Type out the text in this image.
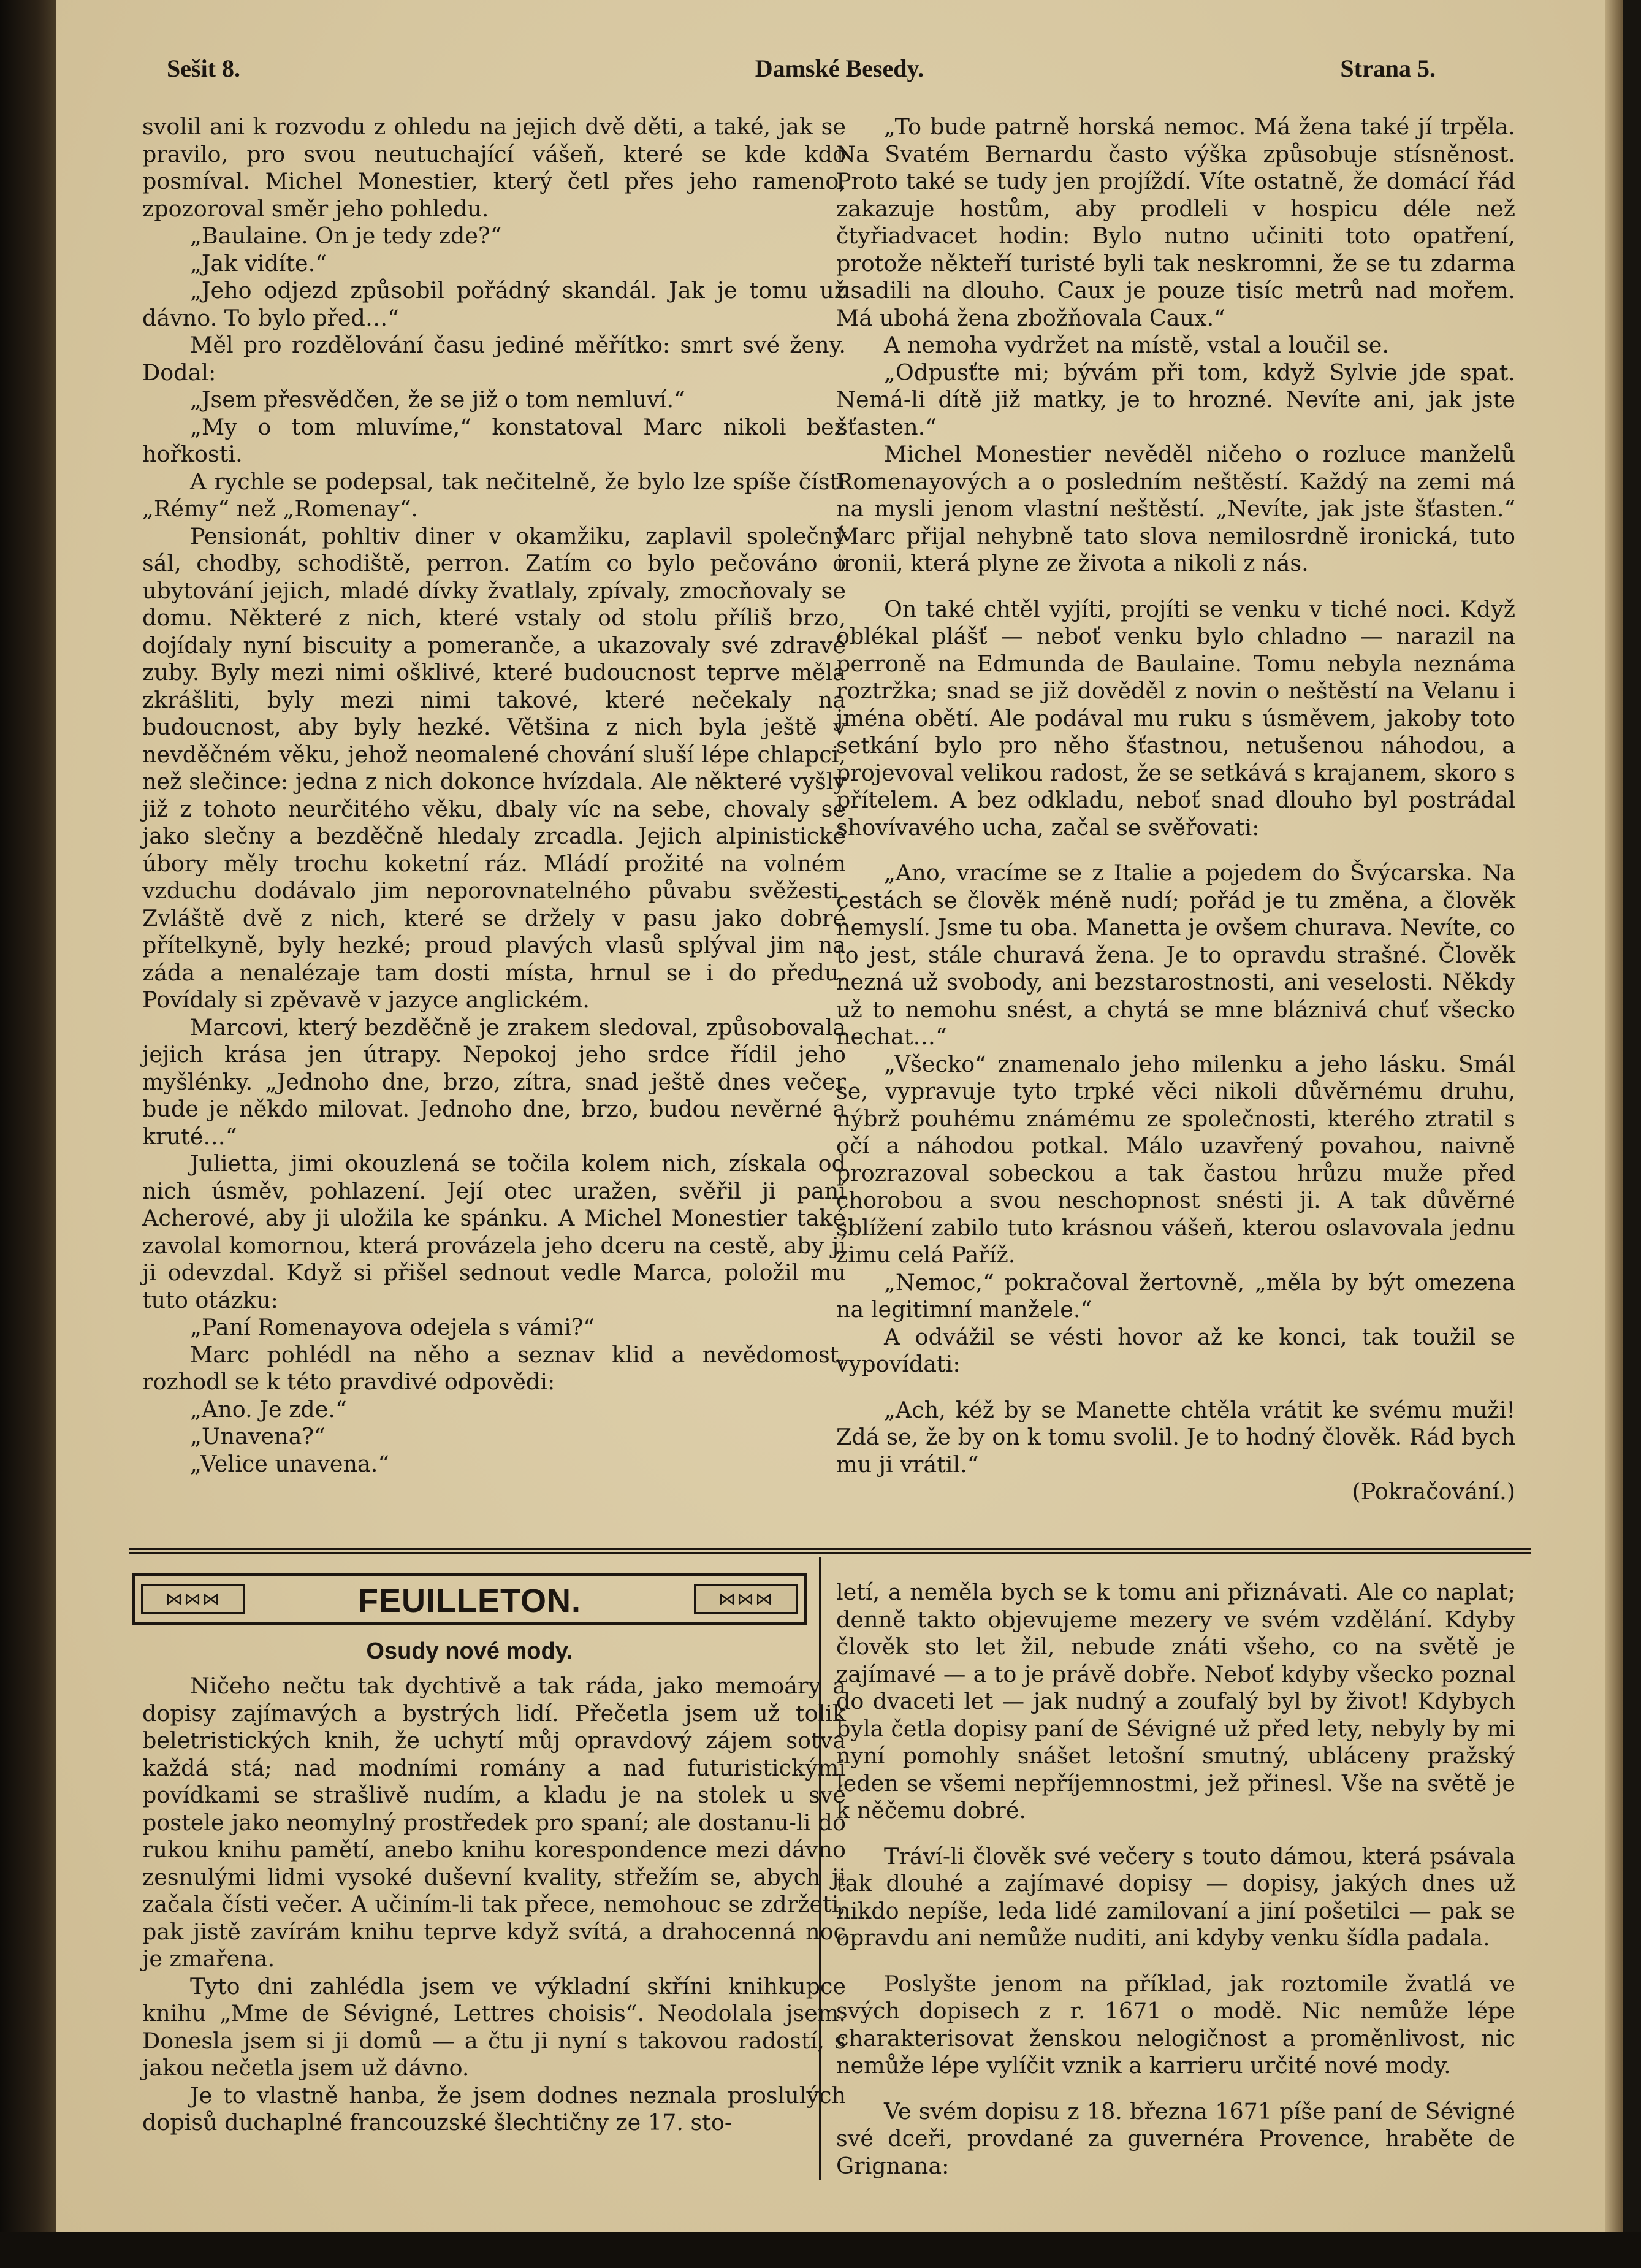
Sešit 8.	Damské Besedy.	Strana 5.

svolil ani k rozvodu z ohledu na jejich dvě děti, a také, jak se pravilo, pro svou neutuchající vášeň, které se kde kdo posmíval. Michel Monestier, který četl přes jeho rameno, zpozoroval směr jeho pohledu.

„Baulaine. On je tedy zde?“

„Jak vidíte.“

„Jeho odjezd způsobil pořádný skandál. Jak je tomu už dávno. To bylo před…“

Měl pro rozdělování času jediné měřítko: smrt své ženy. Dodal:

„Jsem přesvědčen, že se již o tom nemluví.“

„My o tom mluvíme,“ konstatoval Marc nikoli bez hořkosti.

A rychle se podepsal, tak nečitelně, že bylo lze spíše čísti „Rémy“ než „Romenay“.

Pensionát, pohltiv diner v okamžiku, zaplavil společný sál, chodby, schodiště, perron. Zatím co bylo pečováno o ubytování jejich, mladé dívky žvatlaly, zpívaly, zmocňovaly se domu. Některé z nich, které vstaly od stolu příliš brzo, dojídaly nyní biscuity a pomeranče, a ukazovaly své zdravé zuby. Byly mezi nimi ošklivé, které budoucnost teprve měla zkrášliti, byly mezi nimi takové, které nečekaly na budoucnost, aby byly hezké. Většina z nich byla ještě v nevděčném věku, jehož neomalené chování sluší lépe chlapci, než slečince: jedna z nich dokonce hvízdala. Ale některé vyšly již z tohoto neurčitého věku, dbaly víc na sebe, chovaly se jako slečny a bezděčně hledaly zrcadla. Jejich alpinistické úbory měly trochu koketní ráz. Mládí prožité na volném vzduchu dodávalo jim neporovnatelného půvabu svěžesti. Zvláště dvě z nich, které se držely v pasu jako dobré přítelkyně, byly hezké; proud plavých vlasů splýval jim na záda a nenalézaje tam dosti místa, hrnul se i do předu. Povídaly si zpěvavě v jazyce anglickém.

Marcovi, který bezděčně je zrakem sledoval, způsobovala jejich krása jen útrapy. Nepokoj jeho srdce řídil jeho myšlénky. „Jednoho dne, brzo, zítra, snad ještě dnes večer bude je někdo milovat. Jednoho dne, brzo, budou nevěrné a kruté…“

Julietta, jimi okouzlená se točila kolem nich, získala od nich úsměv, pohlazení. Její otec uražen, svěřil ji paní Acherové, aby ji uložila ke spánku. A Michel Monestier také zavolal komornou, která provázela jeho dceru na cestě, aby jí ji odevzdal. Když si přišel sednout vedle Marca, položil mu tuto otázku:

„Paní Romenayova odejela s vámi?“

Marc pohlédl na něho a seznav klid a nevědomost, rozhodl se k této pravdivé odpovědi:

„Ano. Je zde.“

„Unavena?“

„Velice unavena.“

„To bude patrně horská nemoc. Má žena také jí trpěla. Na Svatém Bernardu často výška způsobuje stísněnost. Proto také se tudy jen projíždí. Víte ostatně, že domácí řád zakazuje hostům, aby prodleli v hospicu déle než čtyřiadvacet hodin: Bylo nutno učiniti toto opatření, protože někteří turisté byli tak neskromni, že se tu zdarma usadili na dlouho. Caux je pouze tisíc metrů nad mořem. Má ubohá žena zbožňovala Caux.“

A nemoha vydržet na místě, vstal a loučil se.

„Odpusťte mi; bývám při tom, když Sylvie jde spat. Nemá-li dítě již matky, je to hrozné. Nevíte ani, jak jste šťasten.“

Michel Monestier nevěděl ničeho o rozluce manželů Romenayových a o posledním neštěstí. Každý na zemi má na mysli jenom vlastní neštěstí. „Nevíte, jak jste šťasten.“ Marc přijal nehybně tato slova nemilosrdně ironická, tuto ironii, která plyne ze života a nikoli z nás.

On také chtěl vyjíti, projíti se venku v tiché noci. Když oblékal plášť — neboť venku bylo chladno — narazil na perroně na Edmunda de Baulaine. Tomu nebyla neznáma roztržka; snad se již dověděl z novin o neštěstí na Velanu i jména obětí. Ale podával mu ruku s úsměvem, jakoby toto setkání bylo pro něho šťastnou, netušenou náhodou, a projevoval velikou radost, že se setkává s krajanem, skoro s přítelem. A bez odkladu, neboť snad dlouho byl postrádal shovívavého ucha, začal se svěřovati:

„Ano, vracíme se z Italie a pojedem do Švýcarska. Na cestách se člověk méně nudí; pořád je tu změna, a člověk nemyslí. Jsme tu oba. Manetta je ovšem churava. Nevíte, co to jest, stále churavá žena. Je to opravdu strašné. Člověk nezná už svobody, ani bezstarostnosti, ani veselosti. Někdy už to nemohu snést, a chytá se mne bláznivá chuť všecko nechat…“

„Všecko“ znamenalo jeho milenku a jeho lásku. Smál se, vypravuje tyto trpké věci nikoli důvěrnému druhu, nýbrž pouhému známému ze společnosti, kterého ztratil s očí a náhodou potkal. Málo uzavřený povahou, naivně prozrazoval sobeckou a tak častou hrůzu muže před chorobou a svou neschopnost snésti ji. A tak důvěrné sblížení zabilo tuto krásnou vášeň, kterou oslavovala jednu zimu celá Paříž.

„Nemoc,“ pokračoval žertovně, „měla by být omezena na legitimní manžele.“

A odvážil se vésti hovor až ke konci, tak toužil se vypovídati:

„Ach, kéž by se Manette chtěla vrátit ke svému muži! Zdá se, že by on k tomu svolil. Je to hodný člověk. Rád bych mu ji vrátil.“

(Pokračování.)
⋈⋈⋈	FEUILLETON.	⋈⋈⋈
Osudy nové mody.

Ničeho nečtu tak dychtivě a tak ráda, jako memoáry a dopisy zajímavých a bystrých lidí. Přečetla jsem už tolik beletristických knih, že uchytí můj opravdový zájem sotva každá stá; nad modními romány a nad futuristickými povídkami se strašlivě nudím, a kladu je na stolek u své postele jako neomylný prostředek pro spaní; ale dostanu-li do rukou knihu pamětí, anebo knihu korespondence mezi dávno zesnulými lidmi vysoké duševní kvality, střežím se, abych ji začala čísti večer. A učiním-li tak přece, nemohouc se zdržeti, pak jistě zavírám knihu teprve když svítá, a drahocenná noc je zmařena.

Tyto dni zahlédla jsem ve výkladní skříni knihkupce knihu „Mme de Sévigné, Lettres choisis“. Neodolala jsem. Donesla jsem si ji domů — a čtu ji nyní s takovou radostí, s jakou nečetla jsem už dávno.

Je to vlastně hanba, že jsem dodnes neznala proslulých dopisů duchaplné francouzské šlechtičny ze 17. sto-

letí, a neměla bych se k tomu ani přiznávati. Ale co naplat; denně takto objevujeme mezery ve svém vzdělání. Kdyby člověk sto let žil, nebude znáti všeho, co na světě je zajímavé — a to je právě dobře. Neboť kdyby všecko poznal do dvaceti let — jak nudný a zoufalý byl by život! Kdybych byla četla dopisy paní de Sévigné už před lety, nebyly by mi nyní pomohly snášet letošní smutný, ubláceny pražský leden se všemi nepříjemnostmi, jež přinesl. Vše na světě je k něčemu dobré.

Tráví-li člověk své večery s touto dámou, která psávala tak dlouhé a zajímavé dopisy — dopisy, jakých dnes už nikdo nepíše, leda lidé zamilovaní a jiní pošetilci — pak se opravdu ani nemůže nuditi, ani kdyby venku šídla padala.

Poslyšte jenom na příklad, jak roztomile žvatlá ve svých dopisech z r. 1671 o modě. Nic nemůže lépe charakterisovat ženskou nelogičnost a proměnlivost, nic nemůže lépe vylíčit vznik a karrieru určité nové mody.

Ve svém dopisu z 18. března 1671 píše paní de Sévigné své dceři, provdané za guvernéra Provence, hraběte de Grignana:
